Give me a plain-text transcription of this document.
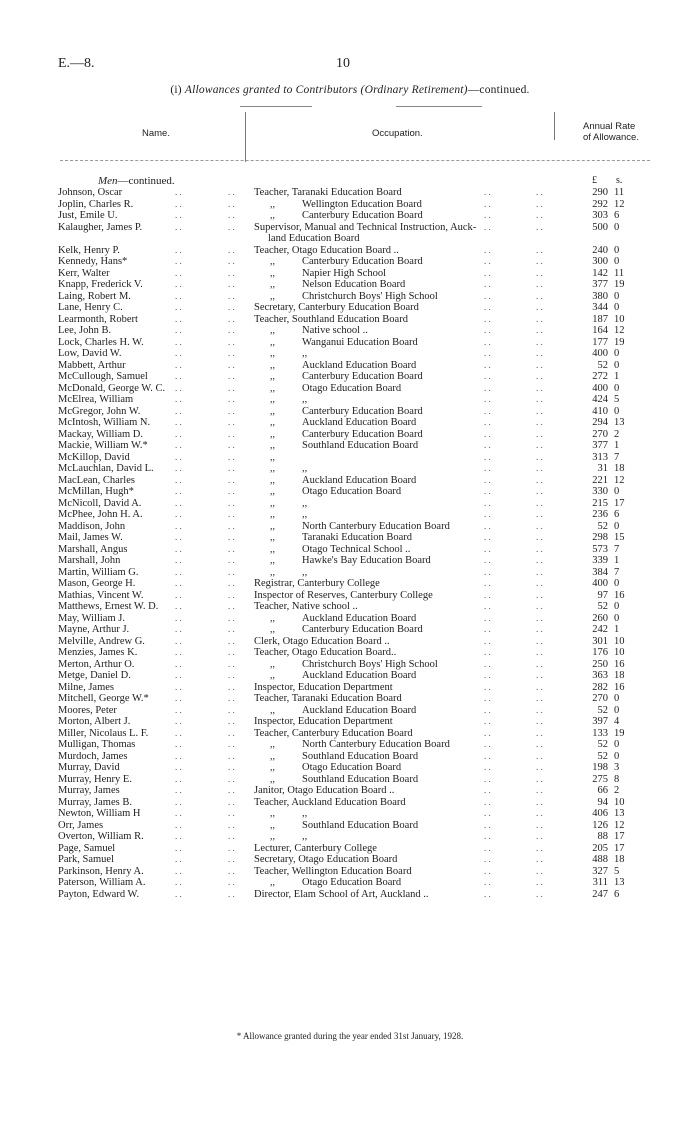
E.—8.	10
(i) Allowances granted to Contributors (Ordinary Retirement)—continued.
Name.	Occupation.
Annual Rate
of Allowance.
Men—continued.	£ s.
Johnson, Oscar	. .	. . Teacher, Taranaki Education Board	. .	. .	290 11
Joplin, Charles R.	. .	. .	,,	Wellington Education Board	. .	. .	292 12
Just, Emile U.	. .	. .	,,	Canterbury Education Board	. .	. .	303 6
Kalaugher, James P.	. .	. . Supervisor, Manual and Technical Instruction, Auck-
land Education Board
. .	. .	500 0
Kelk, Henry P.	. .	. . Teacher, Otago Education Board ..	. .	. .	240 0
Kennedy, Hans*	. .	. .	,,	Canterbury Education Board	. .	. .	300 0
Kerr, Walter	. .	. .	,,	Napier High School	. .	. .	142 11
Knapp, Frederick V.	. .	. .	,,	Nelson Education Board	. .	. .	377 19
Laing, Robert M.	. .	. .	,,	Christchurch Boys' High School	. .	. .	380 0
Lane, Henry C.	. .	. . Secretary, Canterbury Education Board	. .	. .	344 0
Learmonth, Robert	. .	. . Teacher, Southland Education Board	. .	. .	187 10
Lee, John B.	. .	. .	,,	Native school ..	. .	. .	164 12
Lock, Charles H. W.	. .	. .	,,	Wanganui Education Board	. .	. .	177 19
Low, David W.	. .	. .	,,	,,	. .	. .	400 0
Mabbett, Arthur	. .	. .	,,	Auckland Education Board	. .	. .	52 0
McCullough, Samuel	. .	. .	,,	Canterbury Education Board	. .	. .	272 1
McDonald, George W. C. . .	. .	,,	Otago Education Board	. .	. .	400 0
McElrea, William	. .	. .	,,	,,	. .	. .	424 5
McGregor, John W.	. .	. .	,,	Canterbury Education Board	. .	. .	410 0
McIntosh, William N.	. .	. .	,,	Auckland Education Board	. .	. .	294 13
Mackay, William D.	. .	. .	,,	Canterbury Education Board	. .	. .	270 2
Mackie, William W.*	. .	. .	,,	Southland Education Board	. .	. .	377 1
McKillop, David	. .	. .	,,	. .	. .	313 7
McLauchlan, David L. . .	. .	,,	,,	. .	. .	31 18
MacLean, Charles	. .	. .	,,	Auckland Education Board	. .	. .	221 12
McMillan, Hugh*	. .	. .	,,	Otago Education Board	. .	. .	330 0
McNicoll, David A.	. .	. .	,,	,,	. .	. .	215 17
McPhee, John H. A.	. .	. .	,,	,,	. .	. .	236 6
Maddison, John	. .	. .	,,	North Canterbury Education Board	. .	. .	52 0
Mail, James W.	. .	. .	,,	Taranaki Education Board	. .	. .	298 15
Marshall, Angus	. .	. .	,,	Otago Technical School ..	. .	. .	573 7
Marshall, John	. .	. .	,,	Hawke's Bay Education Board	. .	. .	339 1
Martin, William G.	. .	. .	,,	,,	. .	. .	384 7
Mason, George H.	. .	. . Registrar, Canterbury College	. .	. .	400 0
Mathias, Vincent W.	. .	. . Inspector of Reserves, Canterbury College	. .	. .	97 16
Matthews, Ernest W. D. . .	. . Teacher, Native school ..	. .	. .	52 0
May, William J.	. .	. .	,,	Auckland Education Board	. .	. .	260 0
Mayne, Arthur J.	. .	. .	,,	Canterbury Education Board	. .	. .	242 1
Melville, Andrew G.	. .	. . Clerk, Otago Education Board ..	. .	. .	301 10
Menzies, James K.	. .	. . Teacher, Otago Education Board..	. .	. .	176 10
Merton, Arthur O.	. .	. .	,,	Christchurch Boys' High School	. .	. .	250 16
Metge, Daniel D.	. .	. .	,,	Auckland Education Board	. .	. .	363 18
Milne, James	. .	. . Inspector, Education Department	. .	. .	282 16
Mitchell, George W.*	. .	. . Teacher, Taranaki Education Board	. .	. .	270 0
Moores, Peter	. .	. .	,,	Auckland Education Board	. .	. .	52 0
Morton, Albert J.	. .	. . Inspector, Education Department	. .	. .	397 4
Miller, Nicolaus L. F.	. .	. . Teacher, Canterbury Education Board	. .	. .	133 19
Mulligan, Thomas	. .	. .	,,	North Canterbury Education Board	. .	. .	52 0
Murdoch, James	. .	. .	,,	Southland Education Board	. .	. .	52 0
Murray, David	. .	. .	,,	Otago Education Board	. .	. .	198 3
Murray, Henry E.	. .	. .	,,	Southland Education Board	. .	. .	275 8
Murray, James	. .	. . Janitor, Otago Education Board ..	. .	. .	66 2
Murray, James B.	. .	. . Teacher, Auckland Education Board	. .	. .	94 10
Newton, William H	. .	. .	,,	,,	. .	. .	406 13
Orr, James	. .	. .	,,	Southland Education Board	. .	. .	126 12
Overton, William R.	. .	. .	,,	,,	. .	. .	88 17
Page, Samuel	. .	. . Lecturer, Canterbury College	. .	. .	205 17
Park, Samuel	. .	. . Secretary, Otago Education Board	. .	. .	488 18
Parkinson, Henry A.	. .	. . Teacher, Wellington Education Board	. .	. .	327 5
Paterson, William A.	. .	. .	,,	Otago Education Board	. .	. .	311 13
Payton, Edward W.	. .	. . Director, Elam School of Art, Auckland ..	. .	. .	247 6
* Allowance granted during the year ended 31st January, 1928.
